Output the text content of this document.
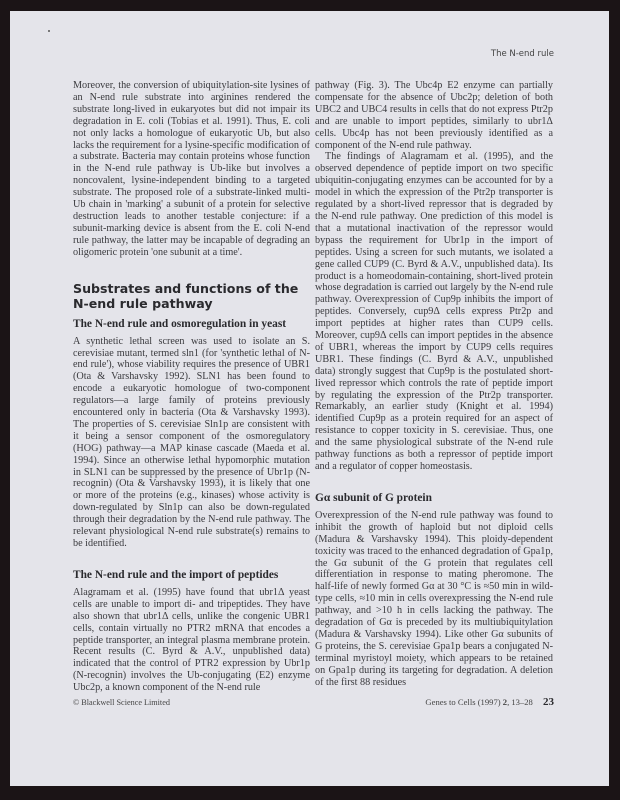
The N-end rule

Moreover, the conversion of ubiquitylation-site lysines of an N-end rule substrate into arginines rendered the substrate long-lived in eukaryotes but did not impair its degradation in E. coli (Tobias et al. 1991). Thus, E. coli not only lacks a homologue of eukaryotic Ub, but also lacks the requirement for a lysine-specific modification of a substrate. Bacteria may contain proteins whose function in the N-end rule pathway is Ub-like but involves a noncovalent, lysine-independent binding to a targeted substrate. The proposed role of a substrate-linked multi-Ub chain in 'marking' a subunit of a protein for selective destruction leads to another testable conjecture: if a subunit-marking device is absent from the E. coli N-end rule pathway, the latter may be incapable of degrading an oligomeric protein 'one subunit at a time'.

Substrates and functions of the N-end rule pathway
The N-end rule and osmoregulation in yeast

A synthetic lethal screen was used to isolate an S. cerevisiae mutant, termed sln1 (for 'synthetic lethal of N-end rule'), whose viability requires the presence of UBR1 (Ota & Varshavsky 1992). SLN1 has been found to encode a eukaryotic homologue of two-component regulators—a large family of proteins previously encountered only in bacteria (Ota & Varshavsky 1993). The properties of S. cerevisiae Sln1p are consistent with it being a sensor component of the osmoregulatory (HOG) pathway—a MAP kinase cascade (Maeda et al. 1994). Since an otherwise lethal hypomorphic mutation in SLN1 can be suppressed by the presence of Ubr1p (N-recognin) (Ota & Varshavsky 1993), it is likely that one or more of the proteins (e.g., kinases) whose activity is down-regulated by Sln1p can also be down-regulated through their degradation by the N-end rule pathway. The relevant physiological N-end rule substrate(s) remains to be identified.

The N-end rule and the import of peptides

Alagramam et al. (1995) have found that ubr1Δ yeast cells are unable to import di- and tripeptides. They have also shown that ubr1Δ cells, unlike the congenic UBR1 cells, contain virtually no PTR2 mRNA that encodes a peptide transporter, an integral plasma membrane protein. Recent results (C. Byrd & A.V., unpublished data) indicated that the control of PTR2 expression by Ubr1p (N-recognin) involves the Ub-conjugating (E2) enzyme Ubc2p, a known component of the N-end rule

pathway (Fig. 3). The Ubc4p E2 enzyme can partially compensate for the absence of Ubc2p; deletion of both UBC2 and UBC4 results in cells that do not express Ptr2p and are unable to import peptides, similarly to ubr1Δ cells. Ubc4p has not been previously identified as a component of the N-end rule pathway.

The findings of Alagramam et al. (1995), and the observed dependence of peptide import on two specific ubiquitin-conjugating enzymes can be accounted for by a model in which the expression of the Ptr2p transporter is regulated by a short-lived repressor that is degraded by the N-end rule pathway. One prediction of this model is that a mutational inactivation of the repressor would bypass the requirement for Ubr1p in the import of peptides. Using a screen for such mutants, we isolated a gene called CUP9 (C. Byrd & A.V., unpublished data). Its product is a homeodomain-containing, short-lived protein whose degradation is carried out largely by the N-end rule pathway. Overexpression of Cup9p inhibits the import of peptides. Conversely, cup9Δ cells express Ptr2p and import peptides at higher rates than CUP9 cells. Moreover, cup9Δ cells can import peptides in the absence of UBR1, whereas the import by CUP9 cells requires UBR1. These findings (C. Byrd & A.V., unpublished data) strongly suggest that Cup9p is the postulated short-lived repressor which controls the rate of peptide import by regulating the expression of the Ptr2p transporter. Remarkably, an earlier study (Knight et al. 1994) identified Cup9p as a protein required for an aspect of resistance to copper toxicity in S. cerevisiae. Thus, one and the same physiological substrate of the N-end rule pathway functions as both a repressor of peptide import and a regulator of copper homeostasis.

Gα subunit of G protein

Overexpression of the N-end rule pathway was found to inhibit the growth of haploid but not diploid cells (Madura & Varshavsky 1994). This ploidy-dependent toxicity was traced to the enhanced degradation of Gpa1p, the Gα subunit of the G protein that regulates cell differentiation in response to mating pheromone. The half-life of newly formed Gα at 30 °C is ≈50 min in wild-type cells, ≈10 min in cells overexpressing the N-end rule pathway, and >10 h in cells lacking the pathway. The degradation of Gα is preceded by its multiubiquitylation (Madura & Varshavsky 1994). Like other Gα subunits of G proteins, the S. cerevisiae Gpa1p bears a conjugated N-terminal myristoyl moiety, which appears to be retained on Gpa1p during its targeting for degradation. A deletion of the first 88 residues

© Blackwell Science Limited	Genes to Cells (1997) 2, 13–28 23
